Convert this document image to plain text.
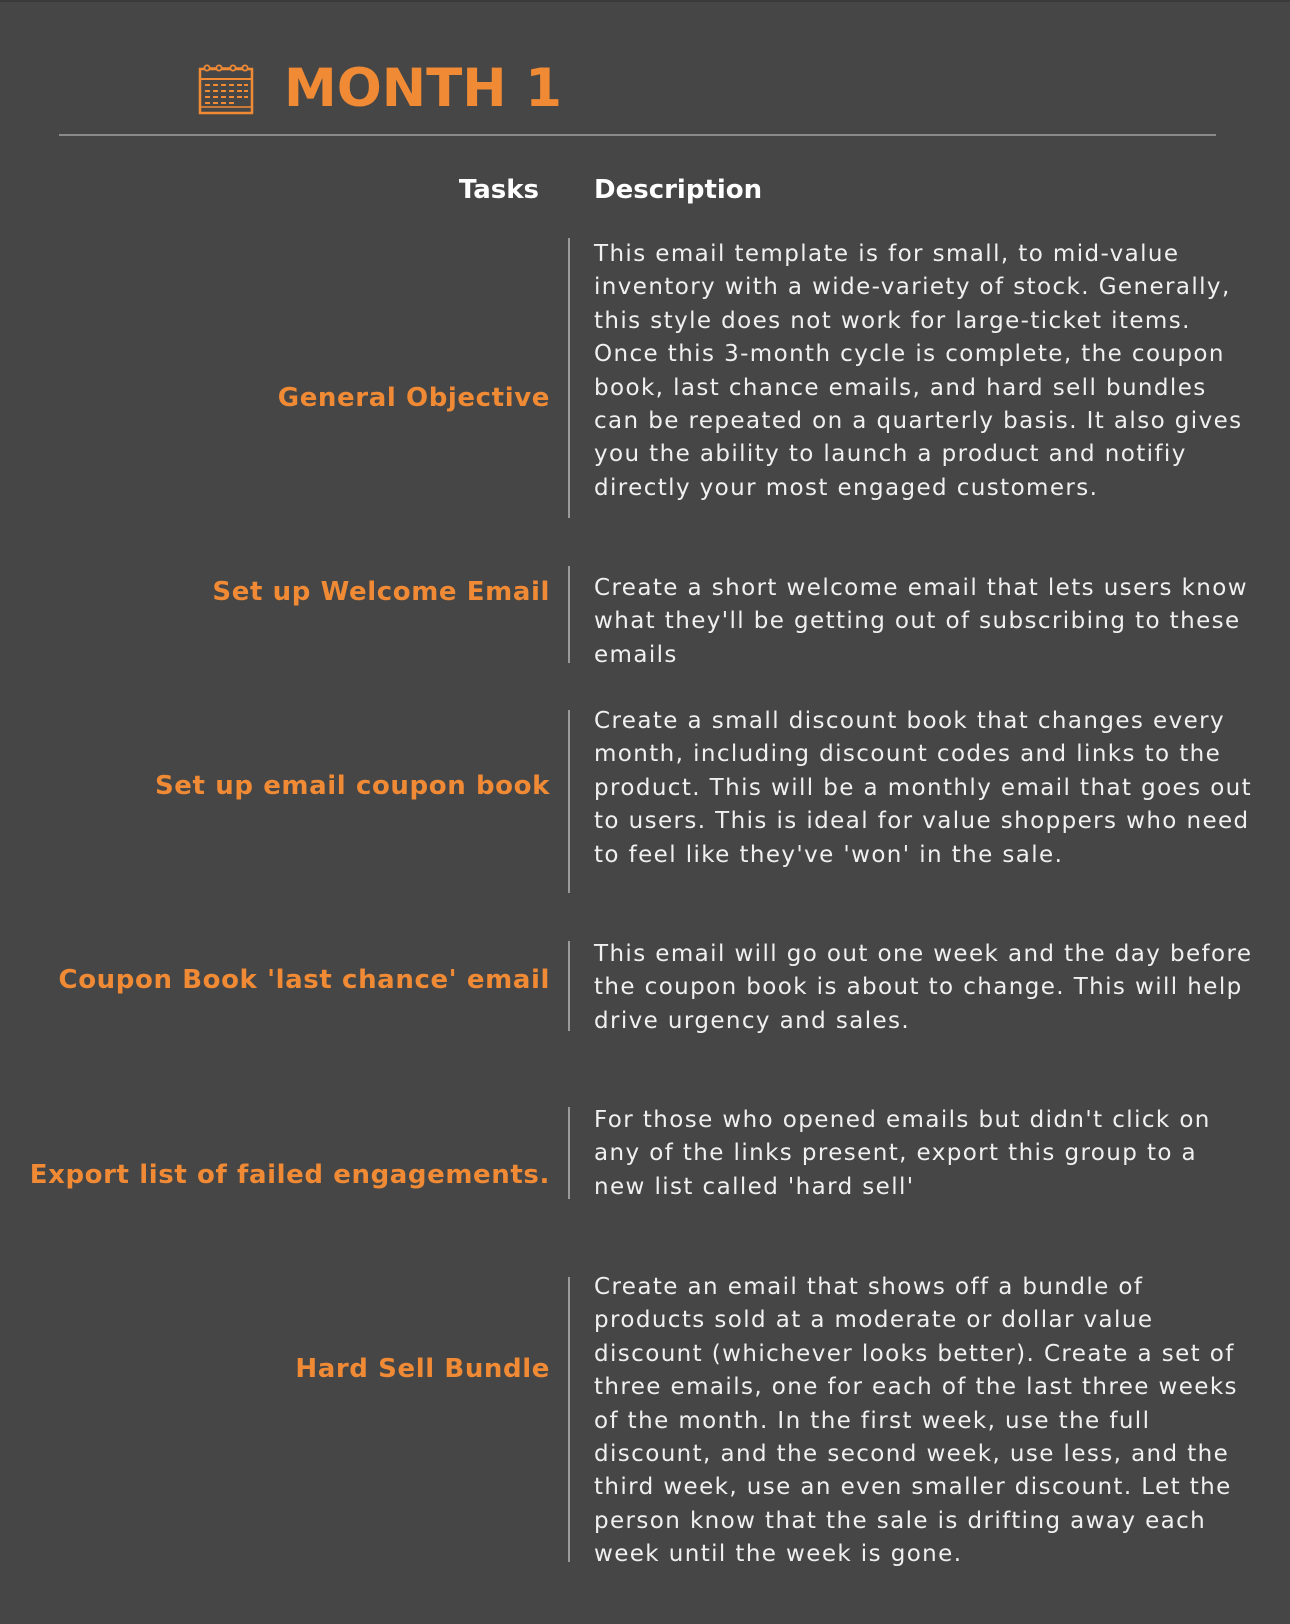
MONTH 1
Tasks Description
General Objective
This email template is for small, to mid-value inventory with a wide-variety of stock. Generally, this style does not work for large-ticket items. Once this 3-month cycle is complete, the coupon book, last chance emails, and hard sell bundles can be repeated on a quarterly basis. It also gives you the ability to launch a product and notifiy directly your most engaged customers.
Set up Welcome Email Create a short welcome email that lets users know what they'll be getting out of subscribing to these emails
Set up email coupon book
Create a small discount book that changes every month, including discount codes and links to the product. This will be a monthly email that goes out to users. This is ideal for value shoppers who need to feel like they've 'won' in the sale.
Coupon Book 'last chance' email
This email will go out one week and the day before the coupon book is about to change. This will help drive urgency and sales.
Export list of failed engagements.
For those who opened emails but didn't click on any of the links present, export this group to a new list called 'hard sell'
Hard Sell Bundle
Create an email that shows off a bundle of products sold at a moderate or dollar value discount (whichever looks better). Create a set of three emails, one for each of the last three weeks of the month. In the first week, use the full discount, and the second week, use less, and the third week, use an even smaller discount. Let the person know that the sale is drifting away each week until the week is gone.
